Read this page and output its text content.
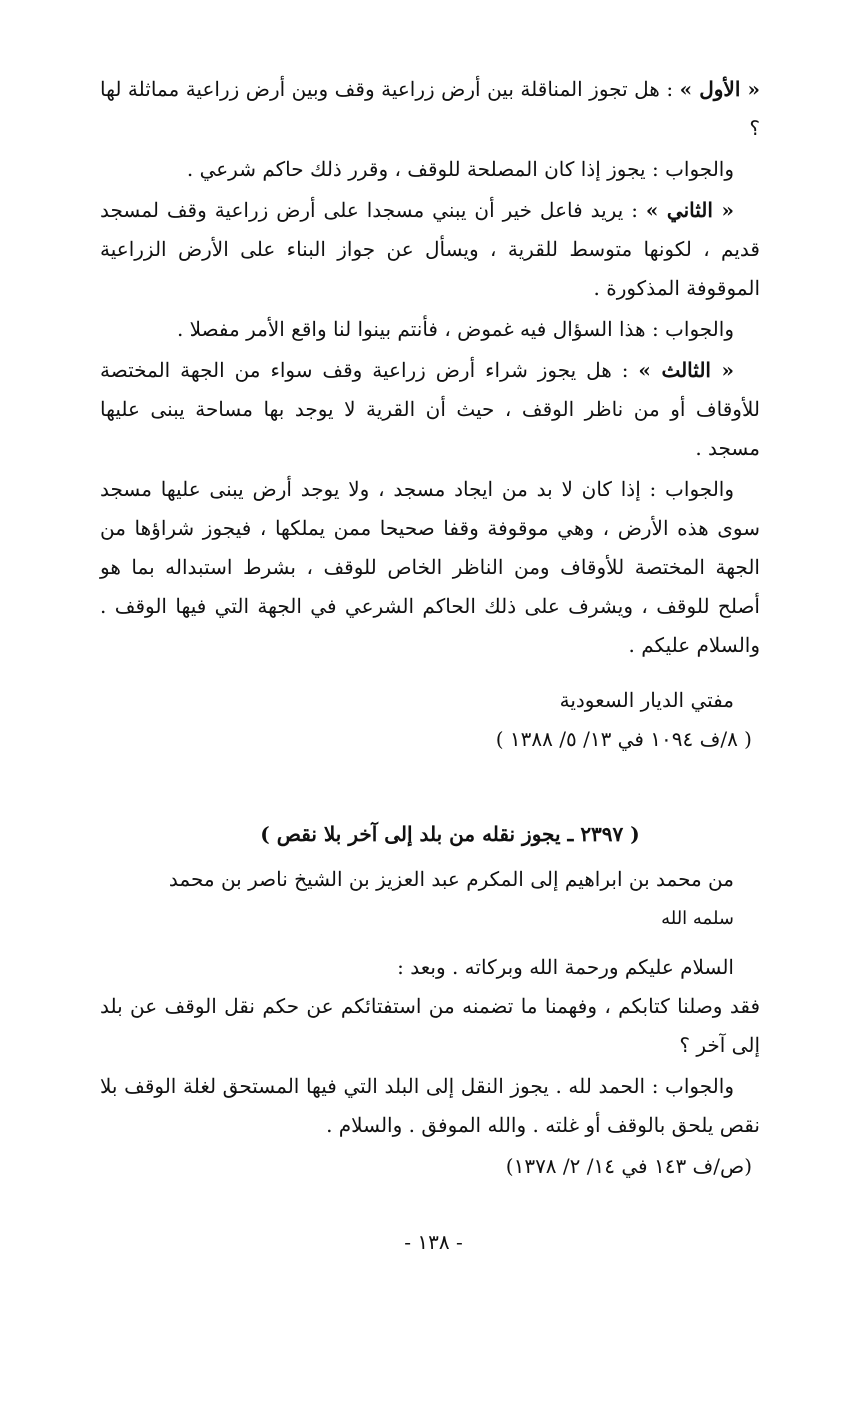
« الأول » : هل تجوز المناقلة بين أرض زراعية وقف وبين أرض زراعية مماثلة لها ؟

والجواب : يجوز إذا كان المصلحة للوقف ، وقرر ذلك حاكم شرعي .

« الثاني » : يريد فاعل خير أن يبني مسجدا على أرض زراعية وقف لمسجد قديم ، لكونها متوسط للقرية ، ويسأل عن جواز البناء على الأرض الزراعية الموقوفة المذكورة .

والجواب : هذا السؤال فيه غموض ، فأنتم بينوا لنا واقع الأمر مفصلا .

« الثالث » : هل يجوز شراء أرض زراعية وقف سواء من الجهة المختصة للأوقاف أو من ناظر الوقف ، حيث أن القرية لا يوجد بها مساحة يبنى عليها مسجد .

والجواب : إذا كان لا بد من ايجاد مسجد ، ولا يوجد أرض يبنى عليها مسجد سوى هذه الأرض ، وهي موقوفة وقفا صحيحا ممن يملكها ، فيجوز شراؤها من الجهة المختصة للأوقاف ومن الناظر الخاص للوقف ، بشرط استبداله بما هو أصلح للوقف ، ويشرف على ذلك الحاكم الشرعي في الجهة التي فيها الوقف . والسلام عليكم .

مفتي الديار السعودية

( ٨/ف ١٠٩٤ في ١٣/ ٥/ ١٣٨٨ )

( ٢٣٩٧ ـ يجوز نقله من بلد إلى آخر بلا نقص )

من محمد بن ابراهيم إلى المكرم عبد العزيز بن الشيخ ناصر بن محمد

سلمه الله

السلام عليكم ورحمة الله وبركاته . وبعد :

فقد وصلنا كتابكم ، وفهمنا ما تضمنه من استفتائكم عن حكم نقل الوقف عن بلد إلى آخر ؟

والجواب : الحمد لله . يجوز النقل إلى البلد التي فيها المستحق لغلة الوقف بلا نقص يلحق بالوقف أو غلته . والله الموفق . والسلام .

(ص/ف ١٤٣ في ١٤/ ٢/ ١٣٧٨)

- ١٣٨ -
